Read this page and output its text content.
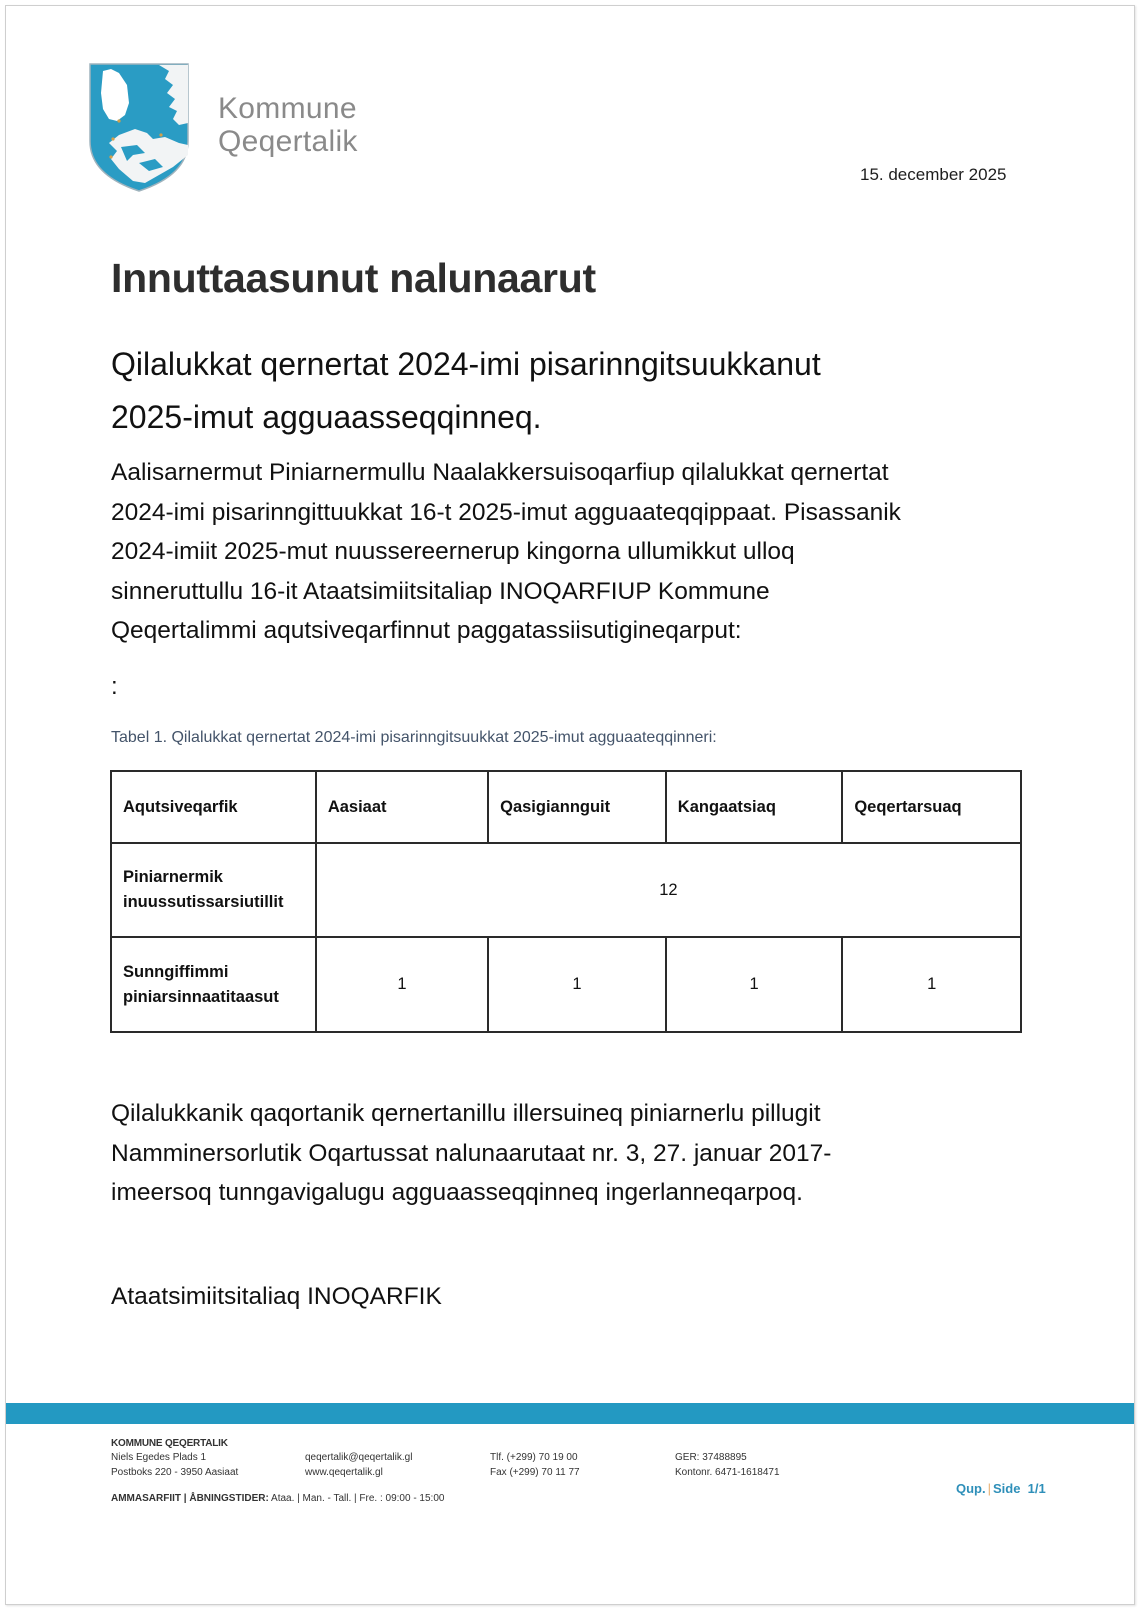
Kommune
Qeqertalik
15. december 2025
Innuttaasunut nalunaarut
Qilalukkat qernertat 2024-imi pisarinngitsuukkanut
2025-imut agguaasseqqinneq.
Aalisarnermut Piniarnermullu Naalakkersuisoqarfiup qilalukkat qernertat
2024-imi pisarinngittuukkat 16-t 2025-imut agguaateqqippaat. Pisassanik
2024-imiit 2025-mut nuussereernerup kingorna ullumikkut ulloq
sinneruttullu 16-it Ataatsimiitsitaliap INOQARFIUP Kommune
Qeqertalimmi aqutsiveqarfinnut paggatassiisutigineqarput:
:
Tabel 1. Qilalukkat qernertat 2024-imi pisarinngitsuukkat 2025-imut agguaateqqinneri:
Aqutsiveqarfik	Aasiaat	Qasigiannguit	Kangaatsiaq	Qeqertarsuaq

Piniarnermik
inuussutissarsiutillit	12			

Sunngiffimmi
piniarsinnaatitaasut	1	1	1	1
Qilalukkanik qaqortanik qernertanillu illersuineq piniarnerlu pillugit
Namminersorlutik Oqartussat nalunaarutaat nr. 3, 27. januar 2017-
imeersoq tunngavigalugu agguaasseqqinneq ingerlanneqarpoq.
Ataatsimiitsitaliaq INOQARFIK
KOMMUNE QEQERTALIK
Niels Egedes Plads 1
Postboks 220 - 3950 Aasiaat
qeqertalik@qeqertalik.gl
www.qeqertalik.gl
Tlf. (+299) 70 19 00
Fax (+299) 70 11 77
GER: 37488895
Kontonr. 6471-1618471
AMMASARFIIT | ÅBNINGSTIDER: Ataa. | Man. - Tall. | Fre. : 09:00 - 15:00
Qup. | Side  1/1
